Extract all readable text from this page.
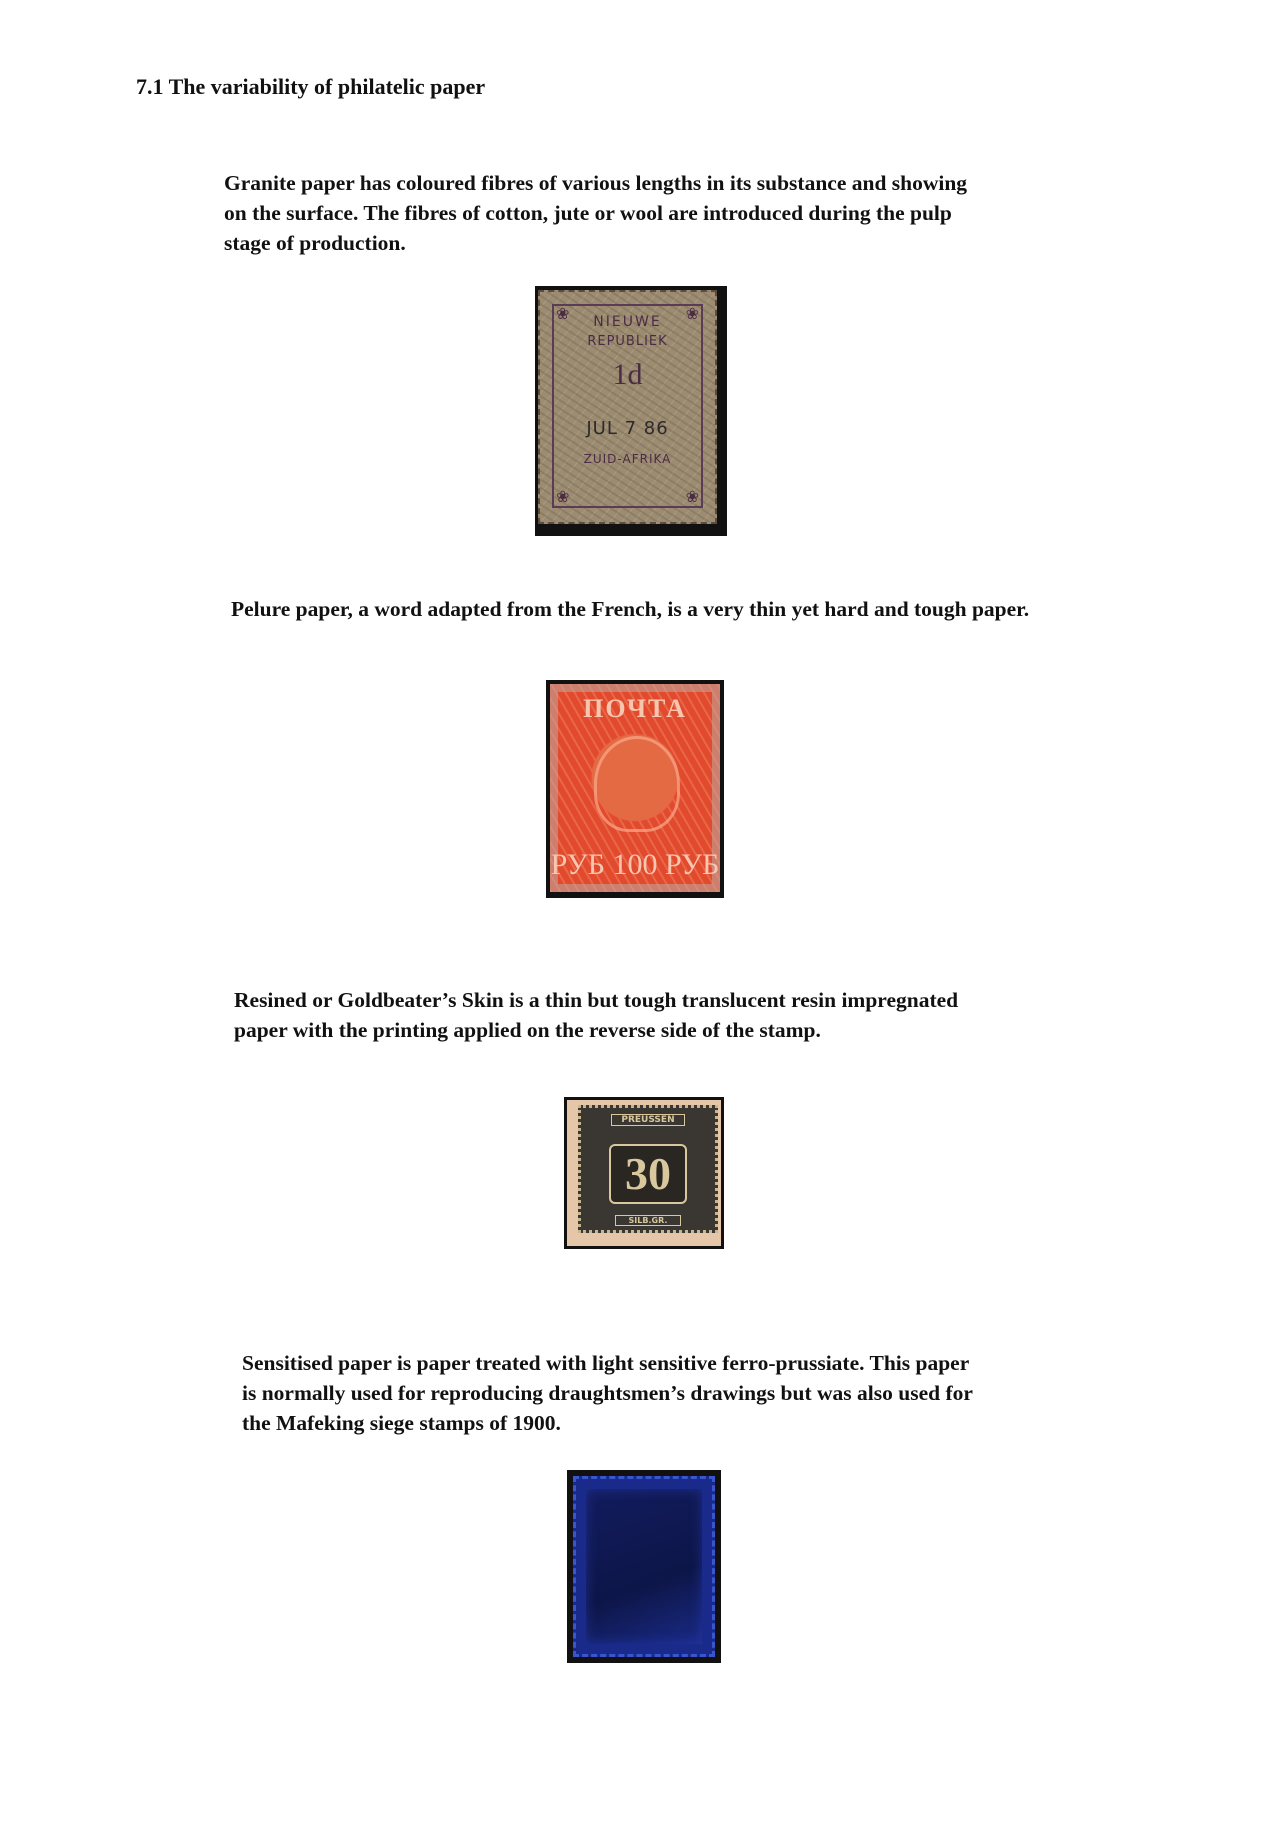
7.1 The variability of philatelic paper
Granite paper has coloured fibres of various lengths in its substance and showing
on the surface. The fibres of cotton, jute or wool are introduced during the pulp
stage of production.
❀	❀
❀	❀
NIEUWE
REPUBLIEK
1d
JUL 7 86
ZUID-AFRIKA
Pelure paper, a word adapted from the French, is a very thin yet hard and tough paper.
ПОЧТА
РУБ 100 РУБ
Resined or Goldbeater’s Skin is a thin but tough translucent resin impregnated
paper with the printing applied on the reverse side of the stamp.
PREUSSEN
30
SILB.GR.
Sensitised paper is paper treated with light sensitive ferro-prussiate. This paper
is normally used for reproducing draughtsmen’s drawings but was also used for
the Mafeking siege stamps of 1900.
